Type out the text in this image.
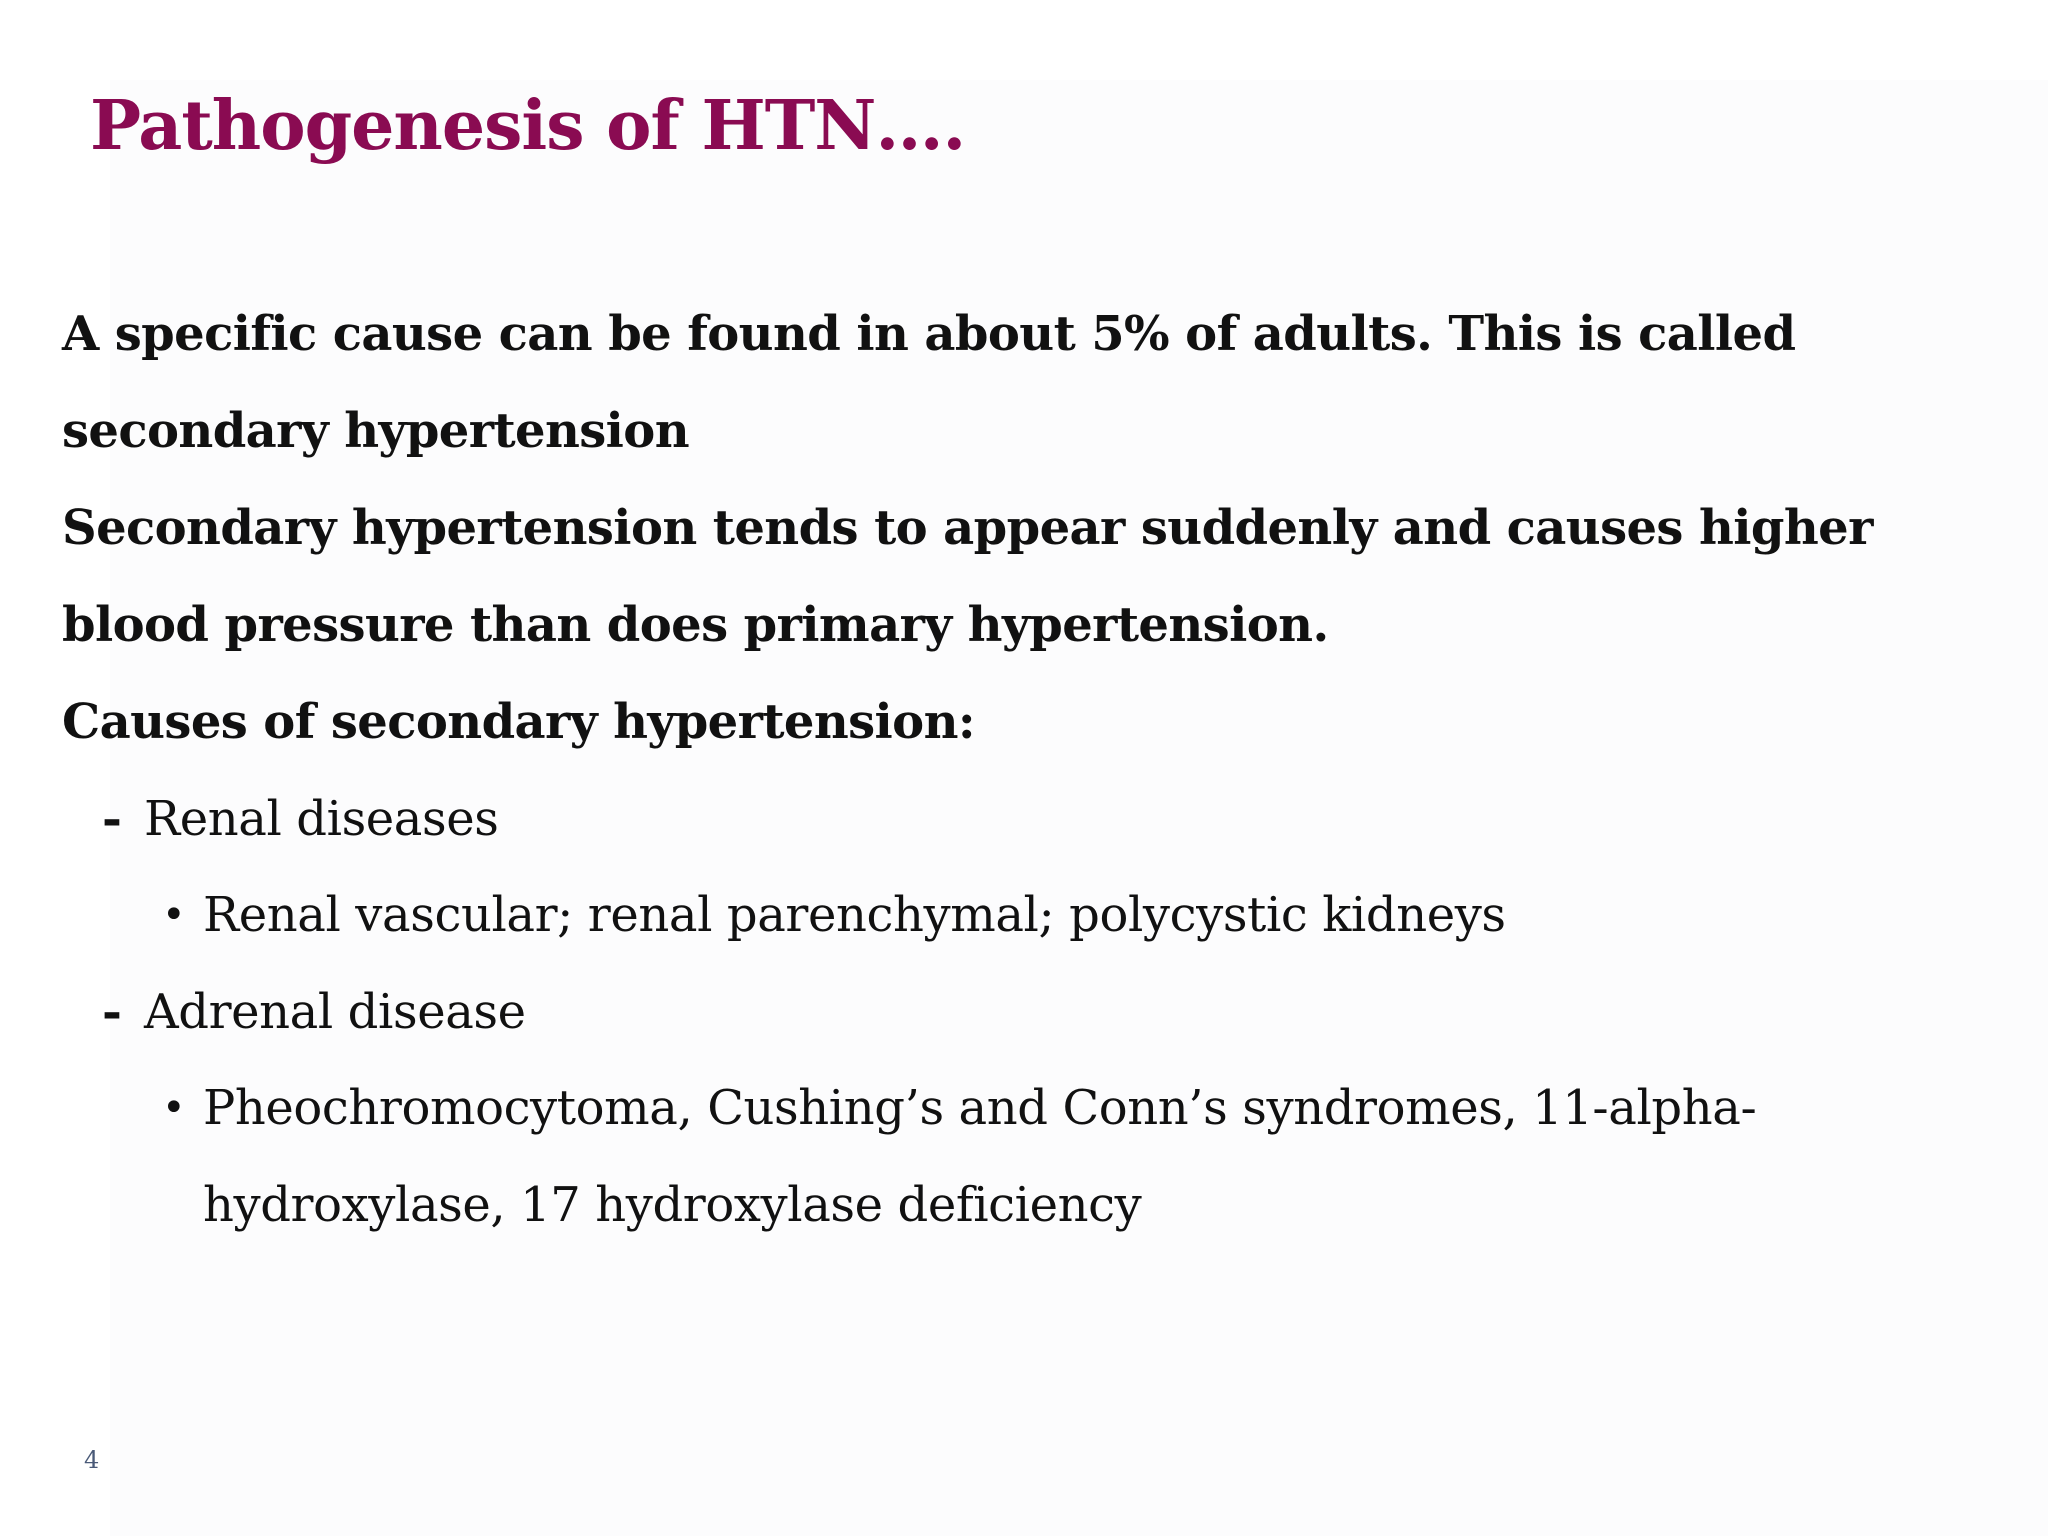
Pathogenesis of HTN….

A specific cause can be found in about 5% of adults. This is called

secondary hypertension

Secondary hypertension tends to appear suddenly and causes higher

blood pressure than does primary hypertension.

Causes of secondary hypertension:

- Renal diseases

• Renal vascular; renal parenchymal; polycystic kidneys

- Adrenal disease

• Pheochromocytoma, Cushing’s and Conn’s syndromes, 11-alpha-
hydroxylase, 17 hydroxylase deficiency

4
